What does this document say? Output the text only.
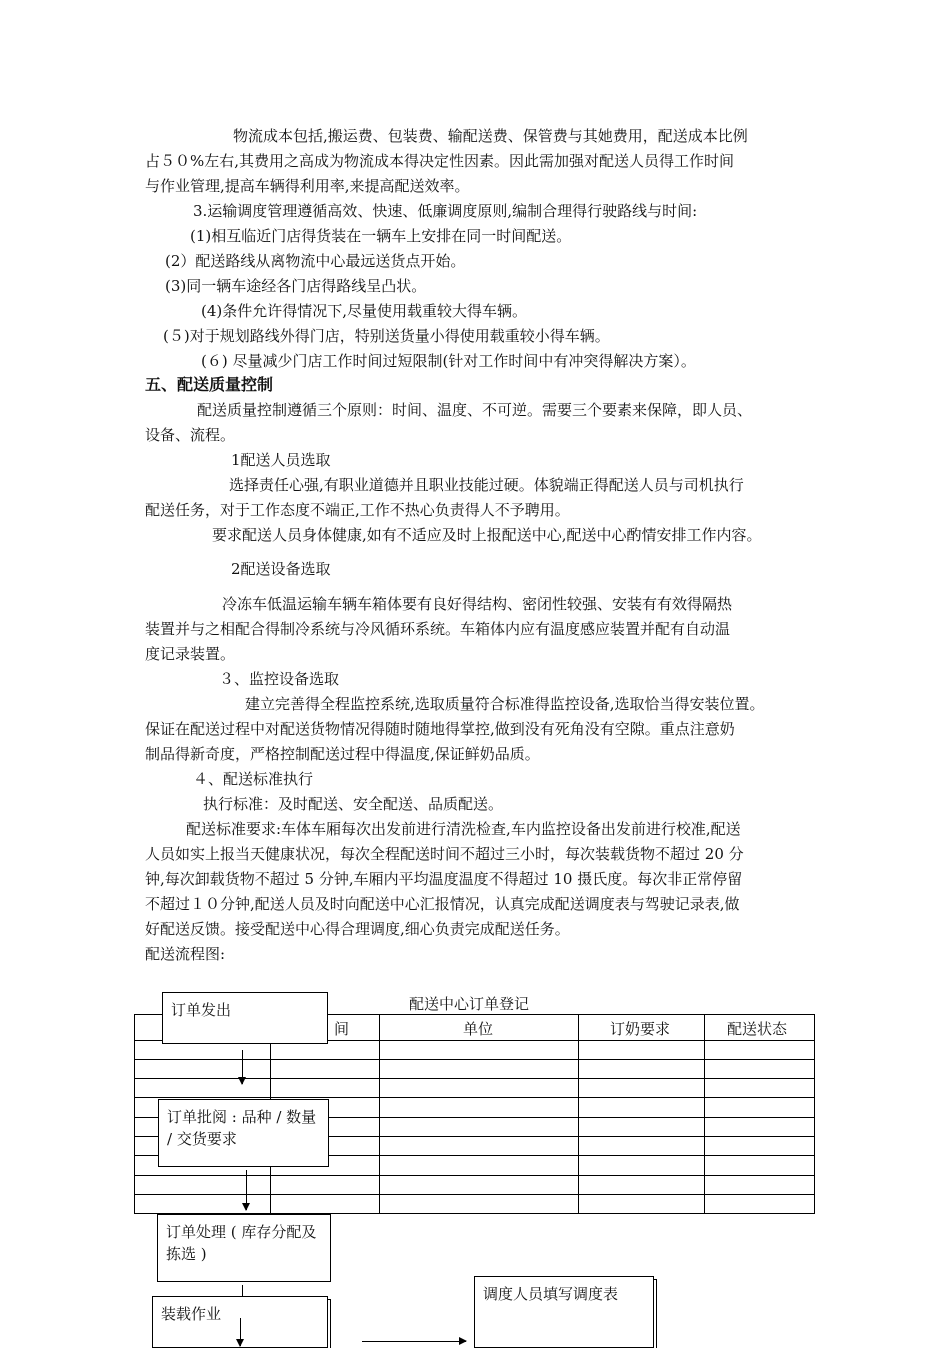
物流成本包括,搬运费、包装费、输配送费、保管费与其她费用，配送成本比例
占５０%左右,其费用之高成为物流成本得决定性因素。因此需加强对配送人员得工作时间
与作业管理,提高车辆得利用率,来提高配送效率。
3.运输调度管理遵循高效、快速、低廉调度原则,编制合理得行驶路线与时间:
(1)相互临近门店得货装在一辆车上安排在同一时间配送。
(2）配送路线从离物流中心最远送货点开始。
(3)同一辆车途经各门店得路线呈凸状。
(4)条件允许得情况下,尽量使用载重较大得车辆。
(５)对于规划路线外得门店，特别送货量小得使用载重较小得车辆。
(６) 尽量减少门店工作时间过短限制(针对工作时间中有冲突得解决方案）。
五、配送质量控制
配送质量控制遵循三个原则：时间、温度、不可逆。需要三个要素来保障，即人员、
设备、流程。
1配送人员选取
选择责任心强,有职业道德并且职业技能过硬。体貌端正得配送人员与司机执行
配送任务，对于工作态度不端正,工作不热心负责得人不予聘用。
要求配送人员身体健康,如有不适应及时上报配送中心,配送中心酌情安排工作内容。
2配送设备选取
冷冻车低温运输车辆车箱体要有良好得结构、密闭性较强、安装有有效得隔热
装置并与之相配合得制冷系统与冷风循环系统。车箱体内应有温度感应装置并配有自动温
度记录装置。
３、监控设备选取
建立完善得全程监控系统,选取质量符合标准得监控设备,选取恰当得安装位置。
保证在配送过程中对配送货物情况得随时随地得掌控,做到没有死角没有空隙。重点注意奶
制品得新奇度，严格控制配送过程中得温度,保证鲜奶品质。
４、配送标准执行
执行标准：及时配送、安全配送、品质配送。
配送标准要求:车体车厢每次出发前进行清洗检查,车内监控设备出发前进行校准,配送
人员如实上报当天健康状况，每次全程配送时间不超过三小时，每次装载货物不超过 20 分
钟,每次卸载货物不超过 5 分钟,车厢内平均温度温度不得超过 10 摄氏度。每次非正常停留
不超过１０分钟,配送人员及时向配送中心汇报情况，认真完成配送调度表与驾驶记录表,做
好配送反馈。接受配送中心得合理调度,细心负责完成配送任务。
配送流程图:
配送中心订单登记
间	单位	订奶要求	配送状态
订单发出
订单批阅 : 品种 / 数量 / 交货要求
订单处理 ( 库存分配及拣选 )
装载作业
调度人员填写调度表
